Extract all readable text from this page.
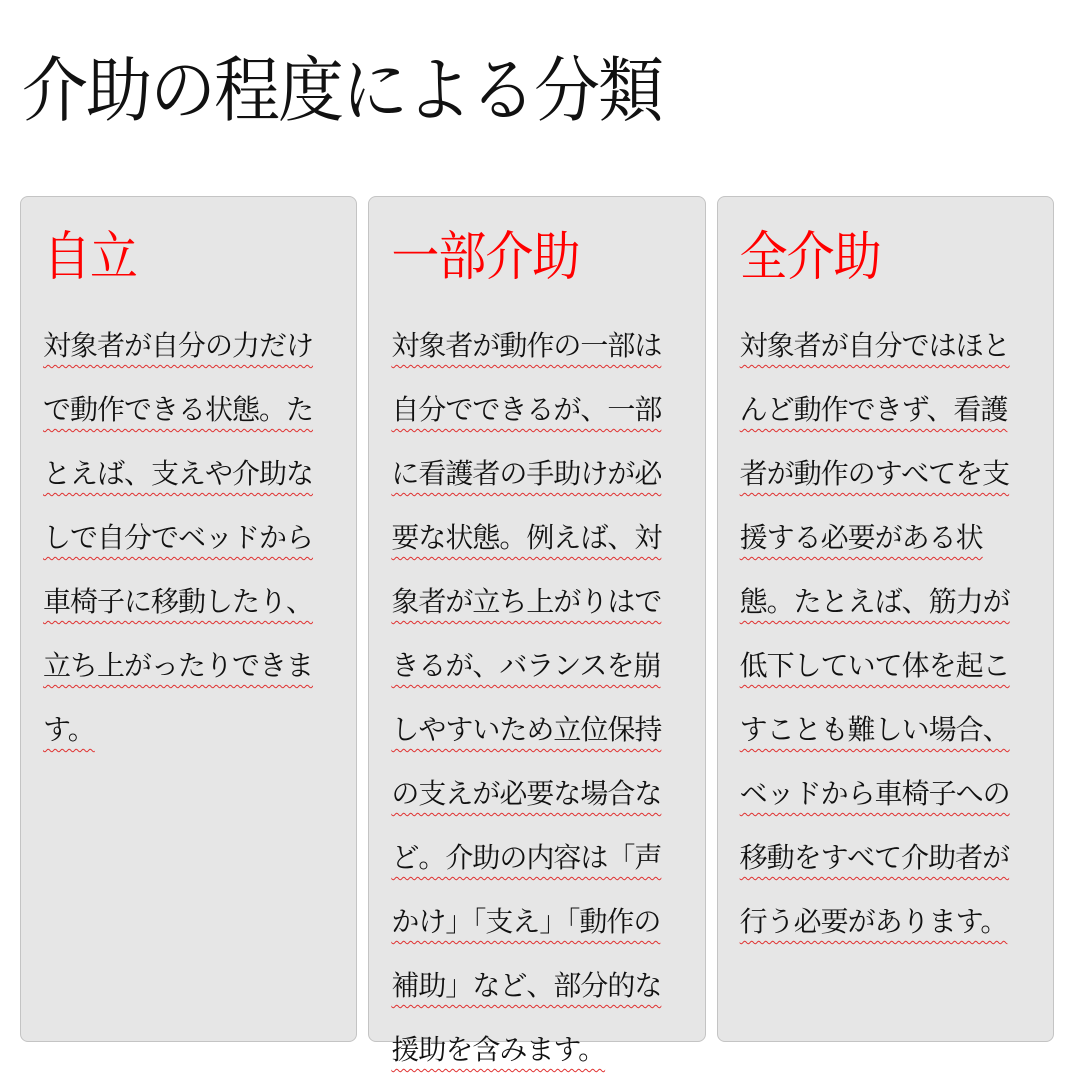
介助の程度による分類
自立

対象者が自分の力だけで動作できる状態。たとえば、支えや介助なしで自分でベッドから車椅子に移動したり、立ち上がったりできます。

一部介助

対象者が動作の一部は自分でできるが、一部に看護者の手助けが必要な状態。例えば、対象者が立ち上がりはできるが、バランスを崩しやすいため立位保持の支えが必要な場合など。介助の内容は「声かけ」「支え」「動作の補助」など、部分的な援助を含みます。

全介助

対象者が自分ではほとんど動作できず、看護者が動作のすべてを支援する必要がある状態。たとえば、筋力が低下していて体を起こすことも難しい場合、ベッドから車椅子への移動をすべて介助者が行う必要があります。
